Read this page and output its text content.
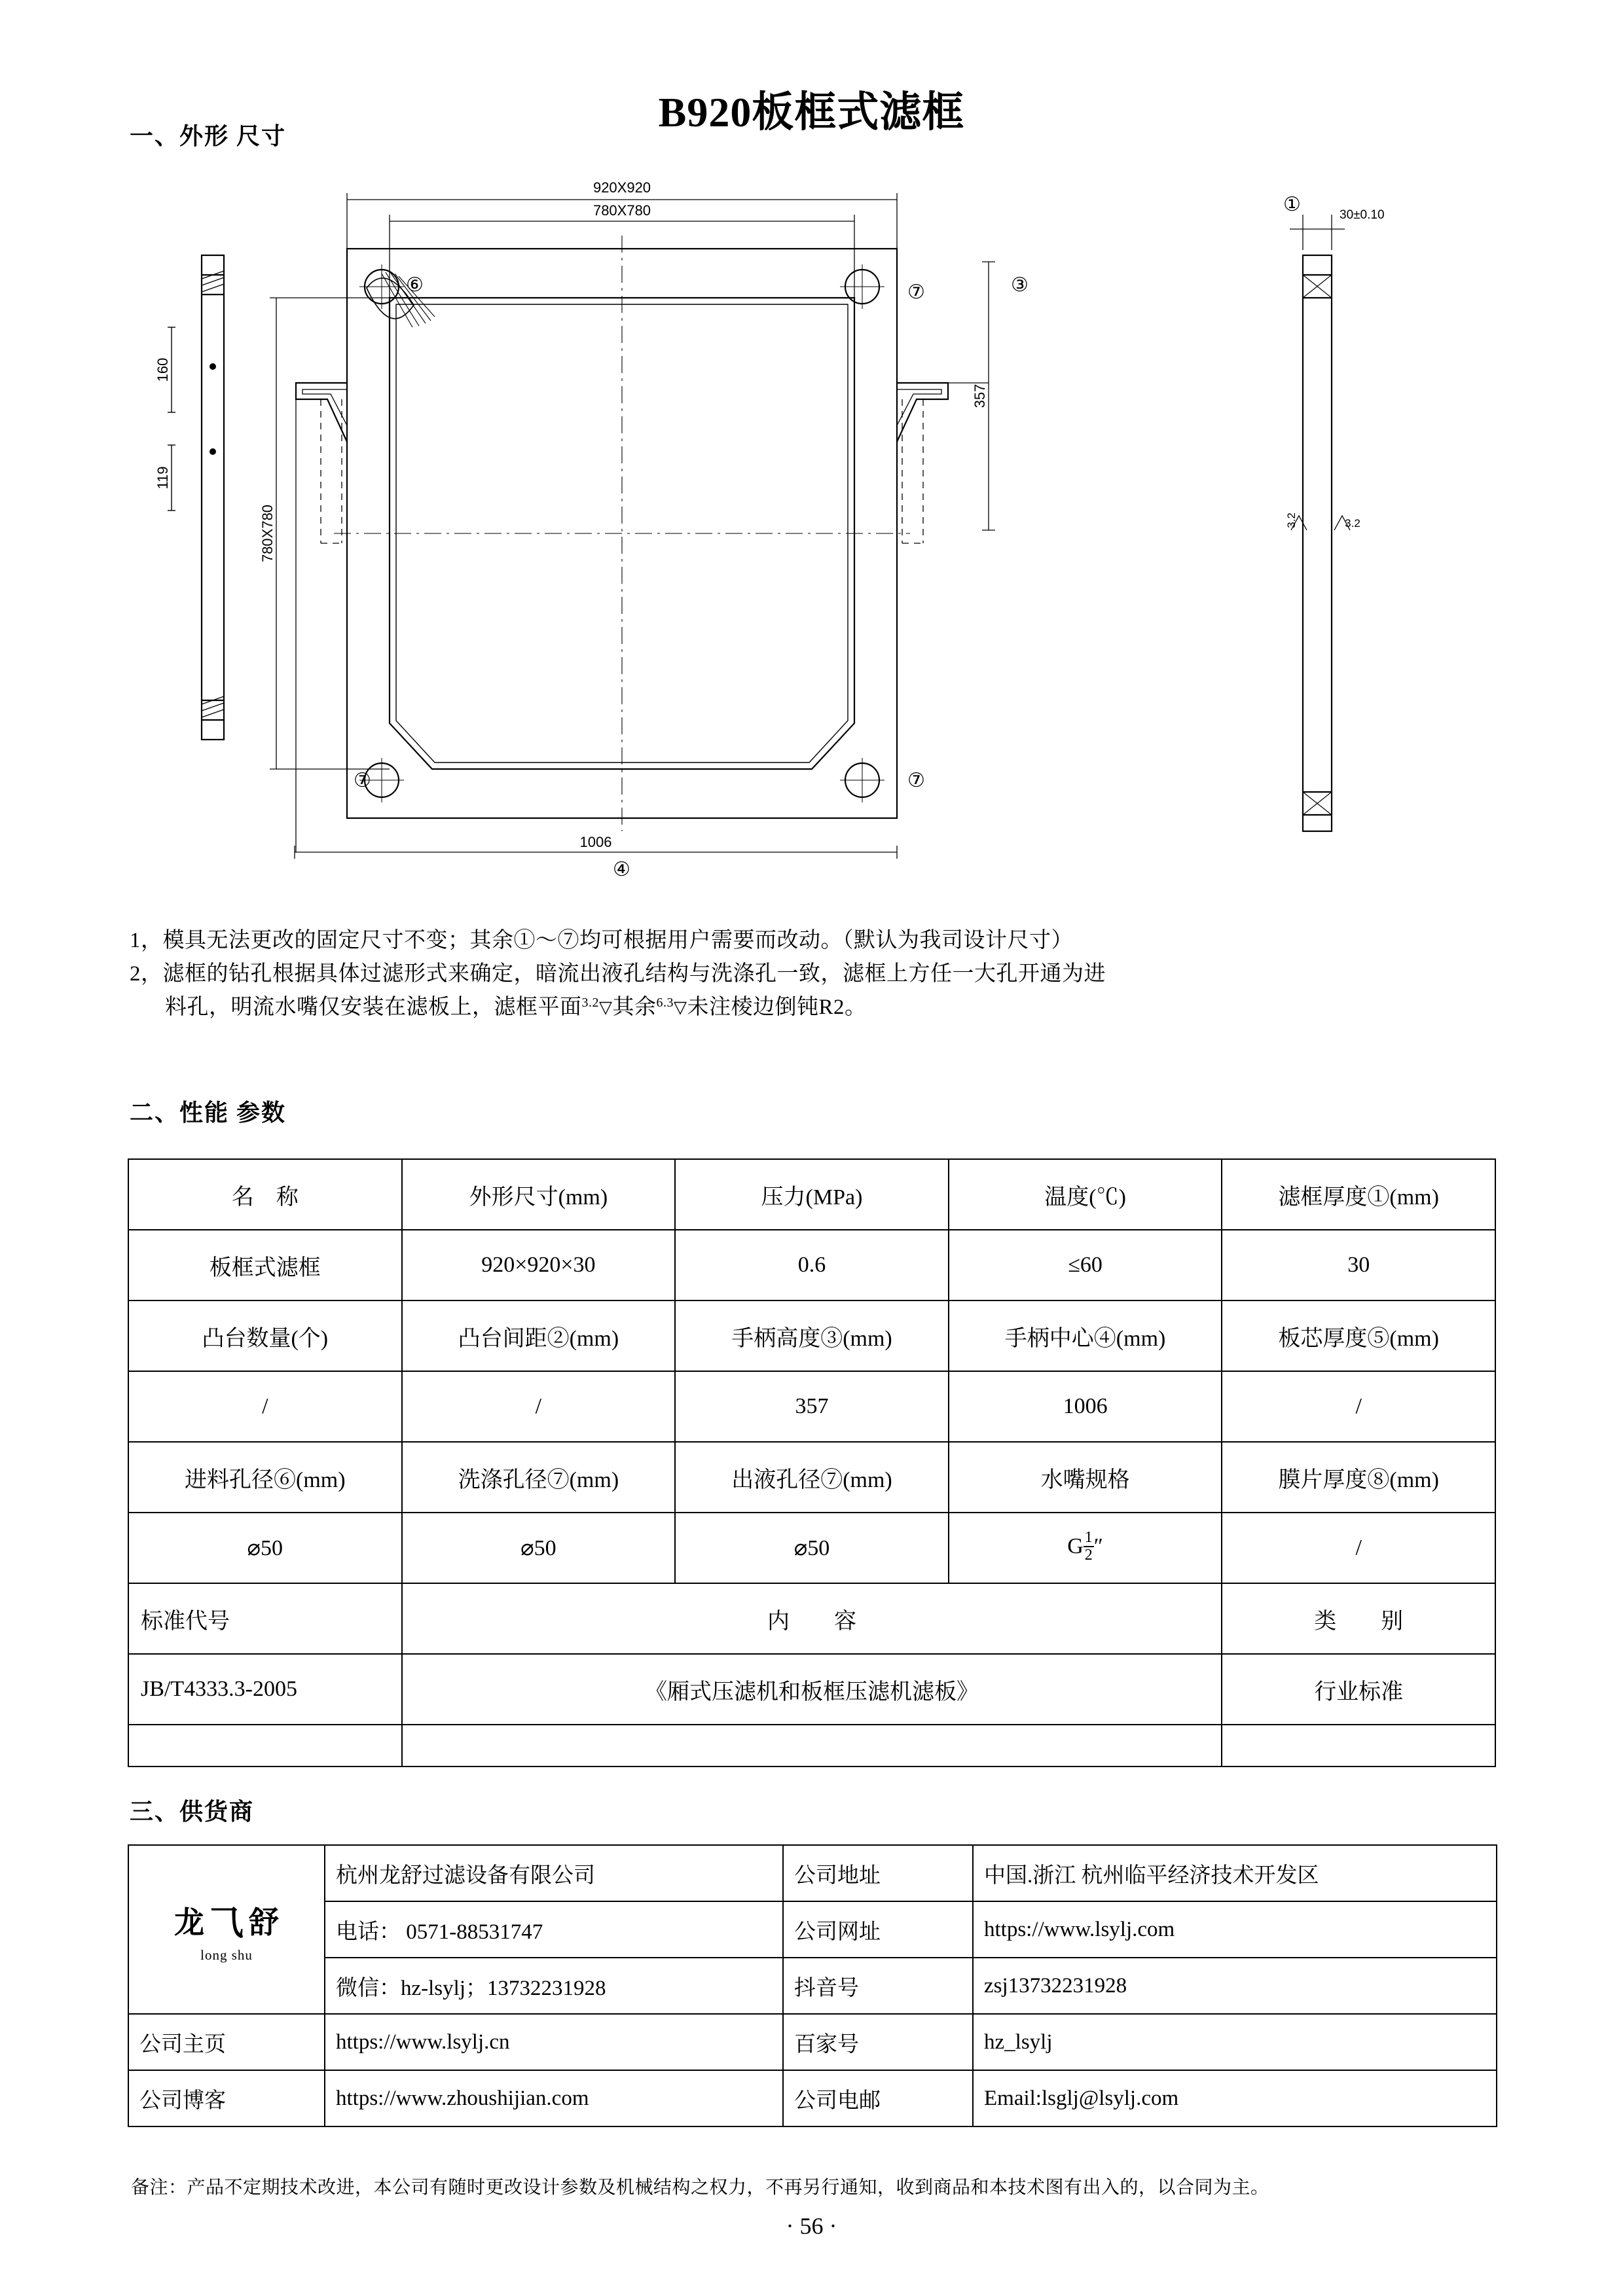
B920板框式滤框
一、外形 尺寸
二、性能 参数
三、供货商
920X920
780X780
1006
30±0.10
780X780
160
119
357
3.2	3.2
⑥	⑦
⑦
⑦
③
④
①
1，模具无法更改的固定尺寸不变；其余①～⑦均可根据用户需要而改动。（默认为我司设计尺寸）
2，滤框的钻孔根据具体过滤形式来确定，暗流出液孔结构与洗涤孔一致，滤框上方任一大孔开通为进
料孔，明流水嘴仅安装在滤板上，滤框平面$^{3.2}$▽其余$^{6.3}$▽未注棱边倒钝R2。
名　称	外形尺寸(mm)	压力(MPa)	温度(℃)	滤框厚度①(mm)
板框式滤框	920×920×30	0.6	≤60	30
凸台数量(个)	凸台间距②(mm)	手柄高度③(mm)	手柄中心④(mm)	板芯厚度⑤(mm)
/	/	357	1006	/
进料孔径⑥(mm)	洗涤孔径⑦(mm)	出液孔径⑦(mm)	水嘴规格	膜片厚度⑧(mm)
⌀50	⌀50	⌀50	G $\frac{1}{2}$ ″	/
标准代号	内　　容			类　　别
JB/T4333.3-2005	《厢式压滤机和板框压滤机滤板》			行业标准

龙 ⺄ 舒
long shu	杭州龙舒过滤设备有限公司	公司地址	中国.浙江 杭州临平经济技术开发区
	电话： 0571-88531747	公司网址	https://www.lsylj.com
	微信：hz-lsylj；13732231928	抖音号	zsj13732231928
公司主页	https://www.lsylj.cn	百家号	hz_lsylj
公司博客	https://www.zhoushijian.com	公司电邮	Email:lsglj@lsylj.com
备注：产品不定期技术改进，本公司有随时更改设计参数及机械结构之权力，不再另行通知，收到商品和本技术图有出入的，以合同为主。
· 56 ·
